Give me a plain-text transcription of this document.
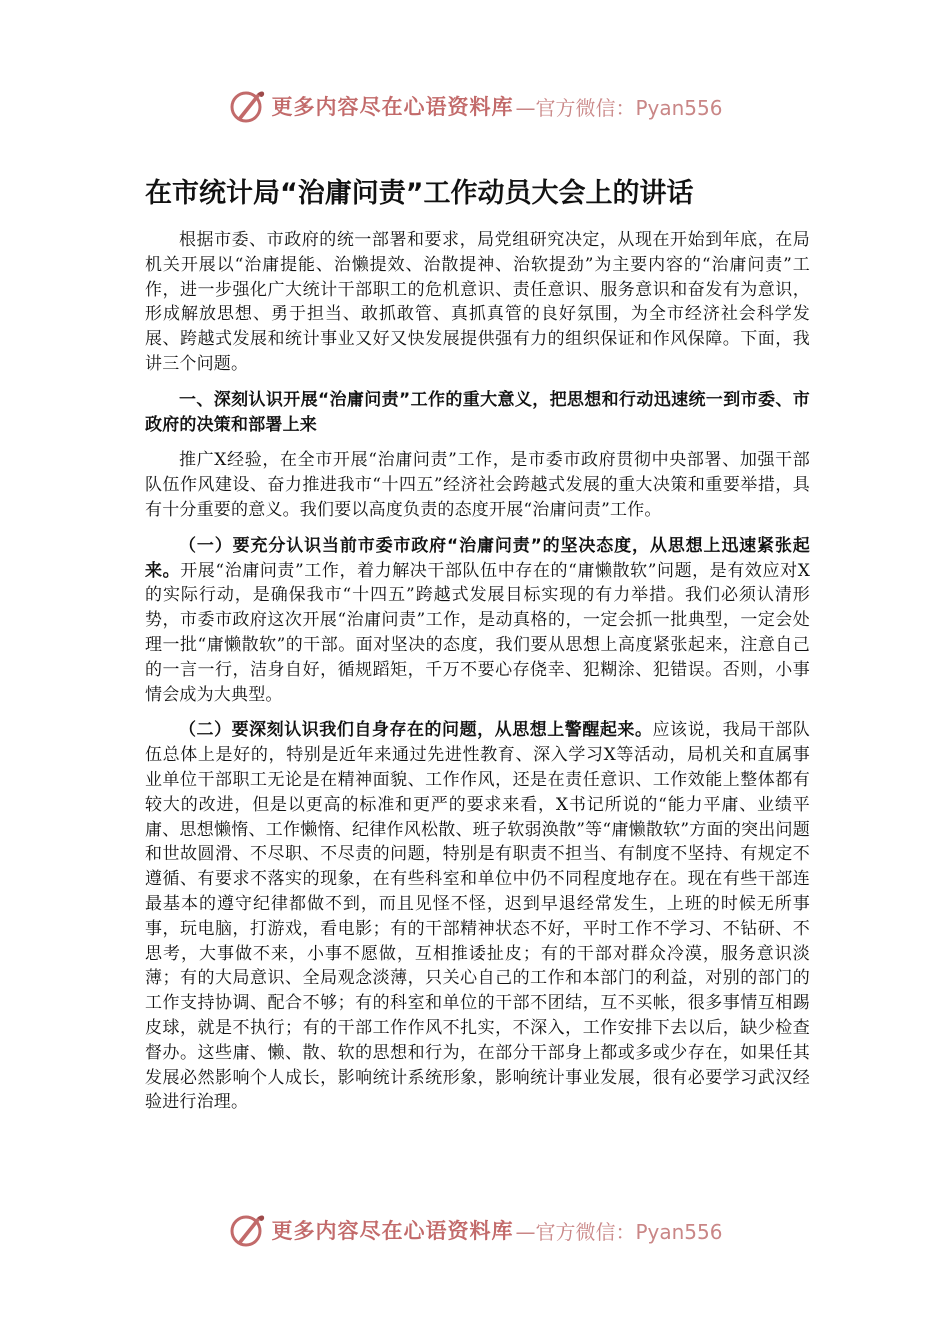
更多内容尽在心语资料库 —官方微信：Pyan556
在市统计局“治庸问责”工作动员大会上的讲话

根据市委、市政府的统一部署和要求，局党组研究决定，从现在开始到年底，在局机关开展以“治庸提能、治懒提效、治散提神、治软提劲”为主要内容的“治庸问责”工作，进一步强化广大统计干部职工的危机意识、责任意识、服务意识和奋发有为意识，形成解放思想、勇于担当、敢抓敢管、真抓真管的良好氛围，为全市经济社会科学发展、跨越式发展和统计事业又好又快发展提供强有力的组织保证和作风保障。下面，我讲三个问题。

一、深刻认识开展“治庸问责”工作的重大意义，把思想和行动迅速统一到市委、市政府的决策和部署上来

推广X经验，在全市开展“治庸问责”工作，是市委市政府贯彻中央部署、加强干部队伍作风建设、奋力推进我市“十四五”经济社会跨越式发展的重大决策和重要举措，具有十分重要的意义。我们要以高度负责的态度开展“治庸问责”工作。

（一）要充分认识当前市委市政府“治庸问责”的坚决态度，从思想上迅速紧张起来。开展“治庸问责”工作，着力解决干部队伍中存在的“庸懒散软”问题，是有效应对X的实际行动，是确保我市“十四五”跨越式发展目标实现的有力举措。我们必须认清形势，市委市政府这次开展“治庸问责”工作，是动真格的，一定会抓一批典型，一定会处理一批“庸懒散软”的干部。面对坚决的态度，我们要从思想上高度紧张起来，注意自己的一言一行，洁身自好，循规蹈矩，千万不要心存侥幸、犯糊涂、犯错误。否则，小事情会成为大典型。

（二）要深刻认识我们自身存在的问题，从思想上警醒起来。应该说，我局干部队伍总体上是好的，特别是近年来通过先进性教育、深入学习X等活动，局机关和直属事业单位干部职工无论是在精神面貌、工作作风，还是在责任意识、工作效能上整体都有较大的改进，但是以更高的标准和更严的要求来看，X书记所说的“能力平庸、业绩平庸、思想懒惰、工作懒惰、纪律作风松散、班子软弱涣散”等“庸懒散软”方面的突出问题和世故圆滑、不尽职、不尽责的问题，特别是有职责不担当、有制度不坚持、有规定不遵循、有要求不落实的现象，在有些科室和单位中仍不同程度地存在。现在有些干部连最基本的遵守纪律都做不到，而且见怪不怪，迟到早退经常发生，上班的时候无所事事，玩电脑，打游戏，看电影；有的干部精神状态不好，平时工作不学习、不钻研、不思考，大事做不来，小事不愿做，互相推诿扯皮；有的干部对群众冷漠，服务意识淡薄；有的大局意识、全局观念淡薄，只关心自己的工作和本部门的利益，对别的部门的工作支持协调、配合不够；有的科室和单位的干部不团结，互不买帐，很多事情互相踢皮球，就是不执行；有的干部工作作风不扎实，不深入，工作安排下去以后，缺少检查督办。这些庸、懒、散、软的思想和行为，在部分干部身上都或多或少存在，如果任其发展必然影响个人成长，影响统计系统形象，影响统计事业发展，很有必要学习武汉经验进行治理。

更多内容尽在心语资料库 —官方微信：Pyan556
